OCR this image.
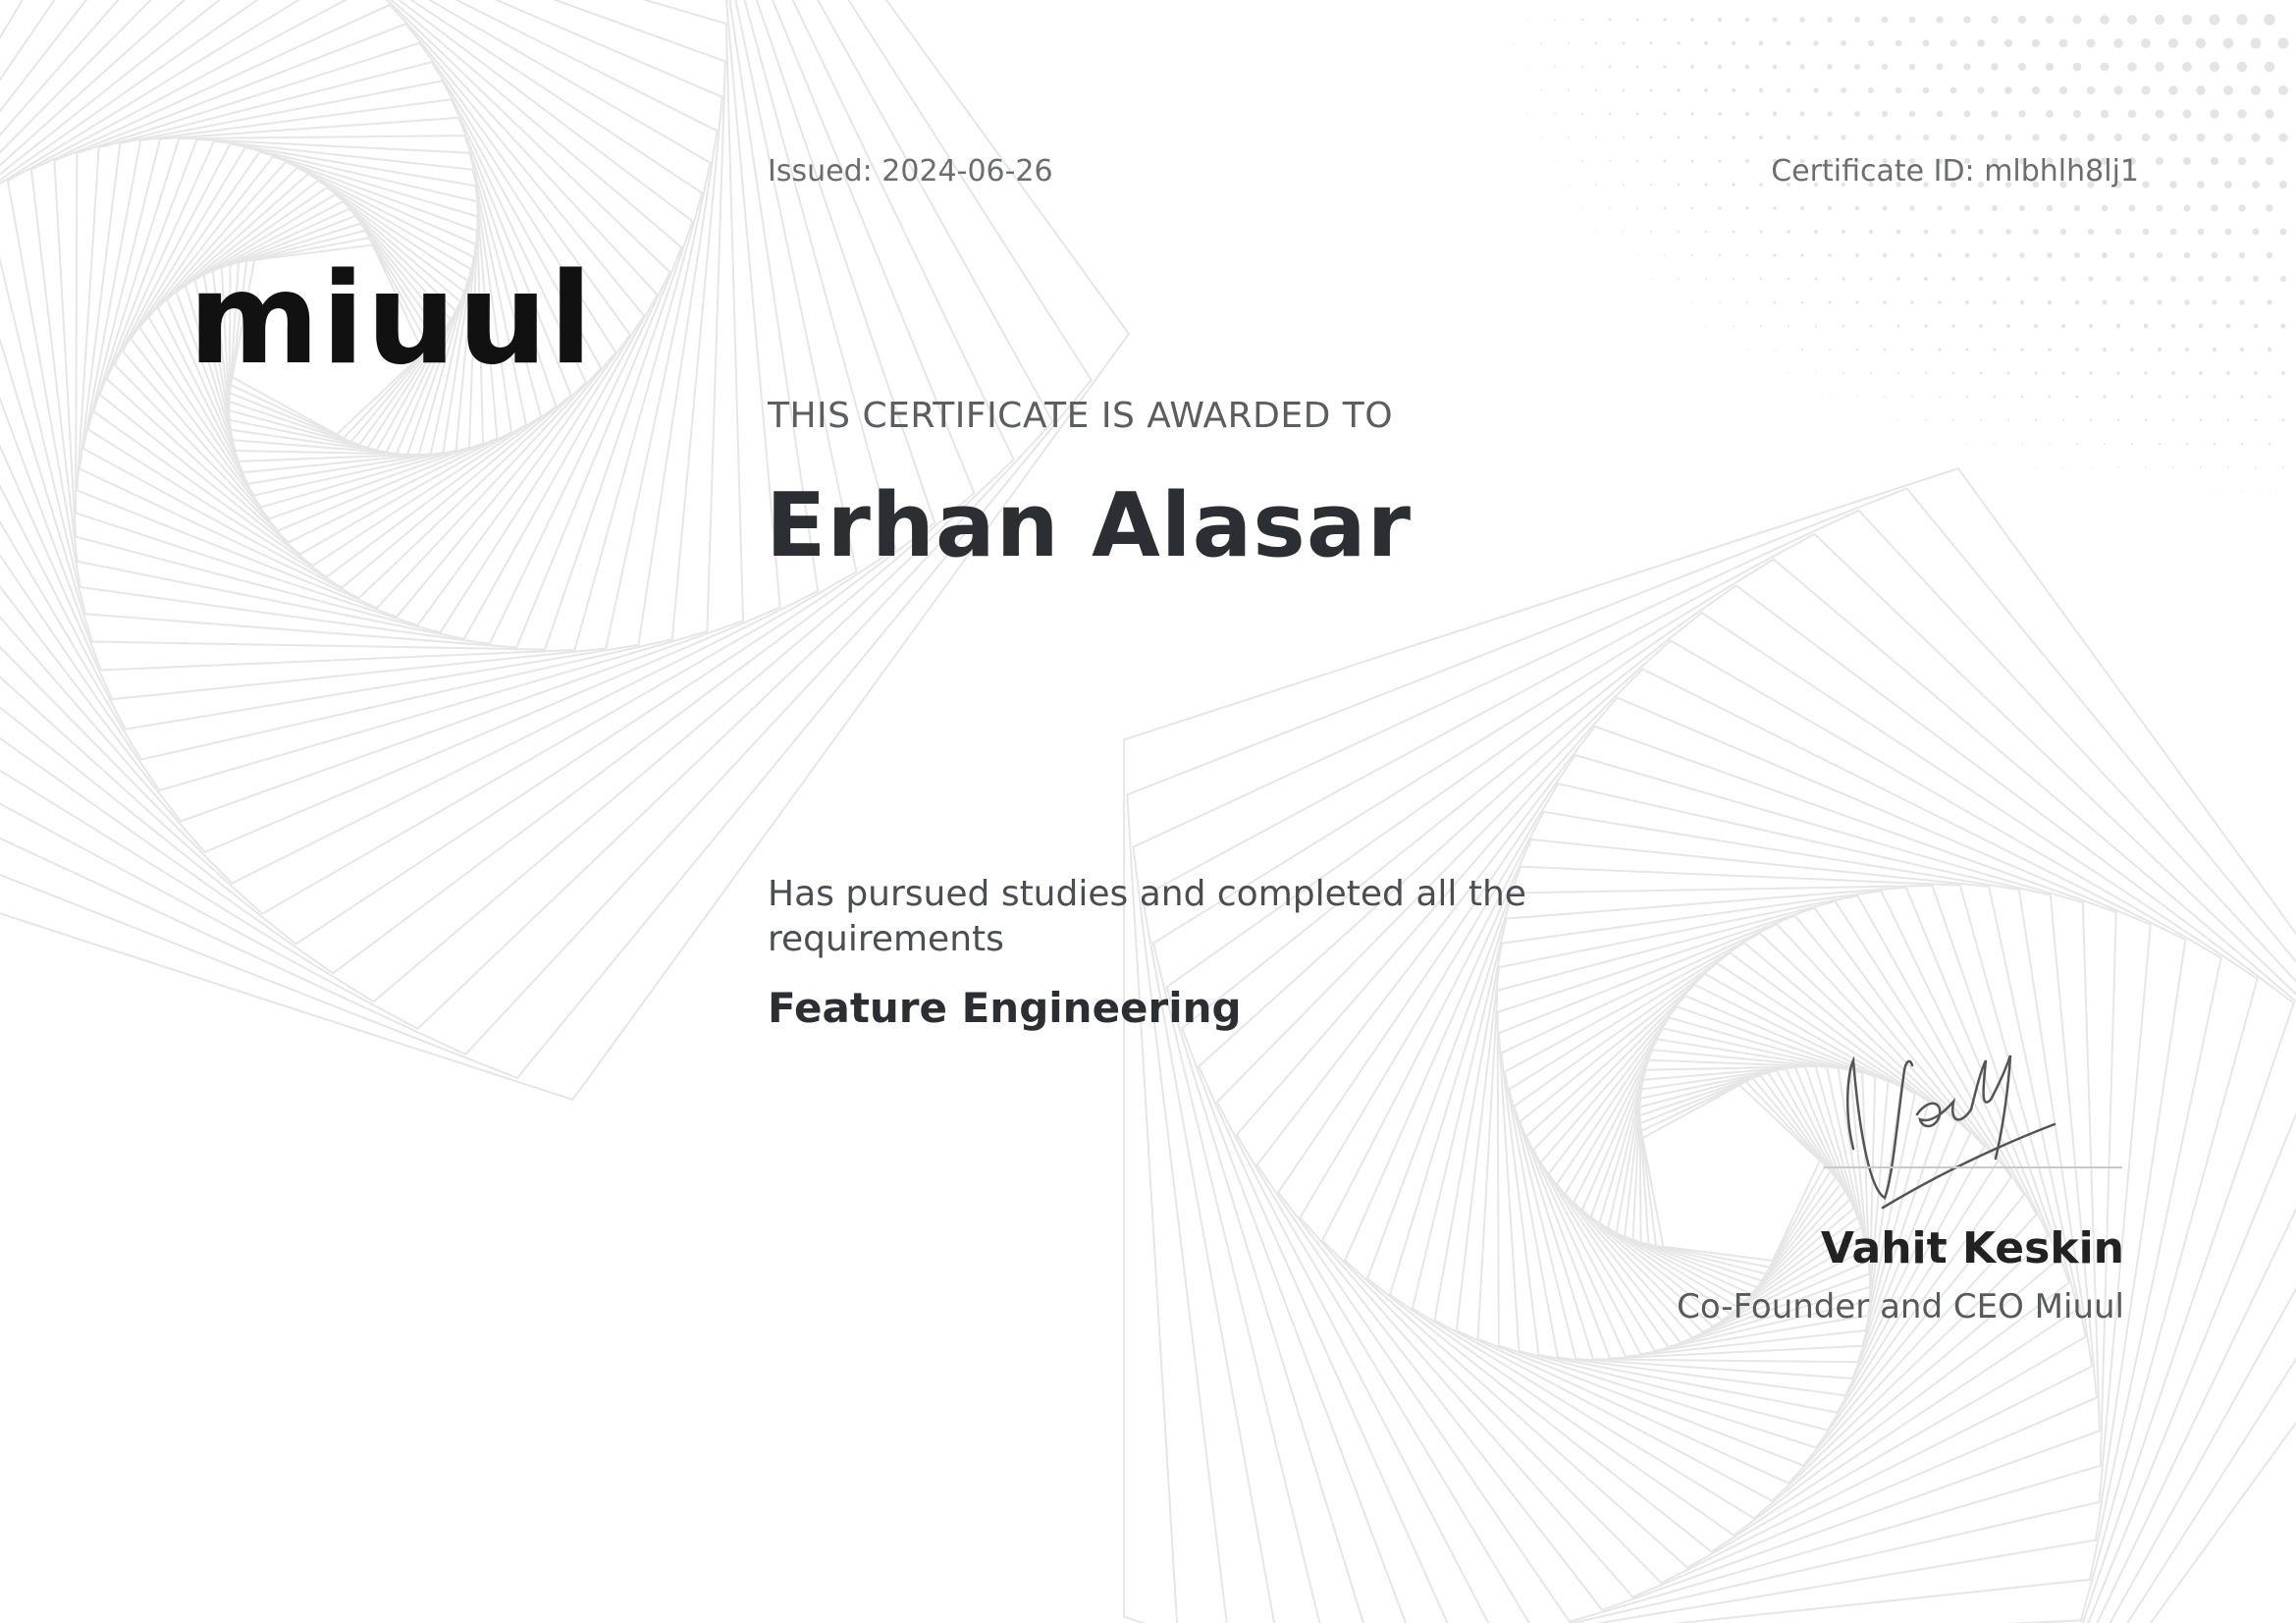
miuul
Issued: 2024-06-26	Certificate ID: mlbhlh8lj1
THIS CERTIFICATE IS AWARDED TO
Erhan Alasar
Has pursued studies and completed all the requirements
Feature Engineering
Vahit Keskin
Co-Founder and CEO Miuul
